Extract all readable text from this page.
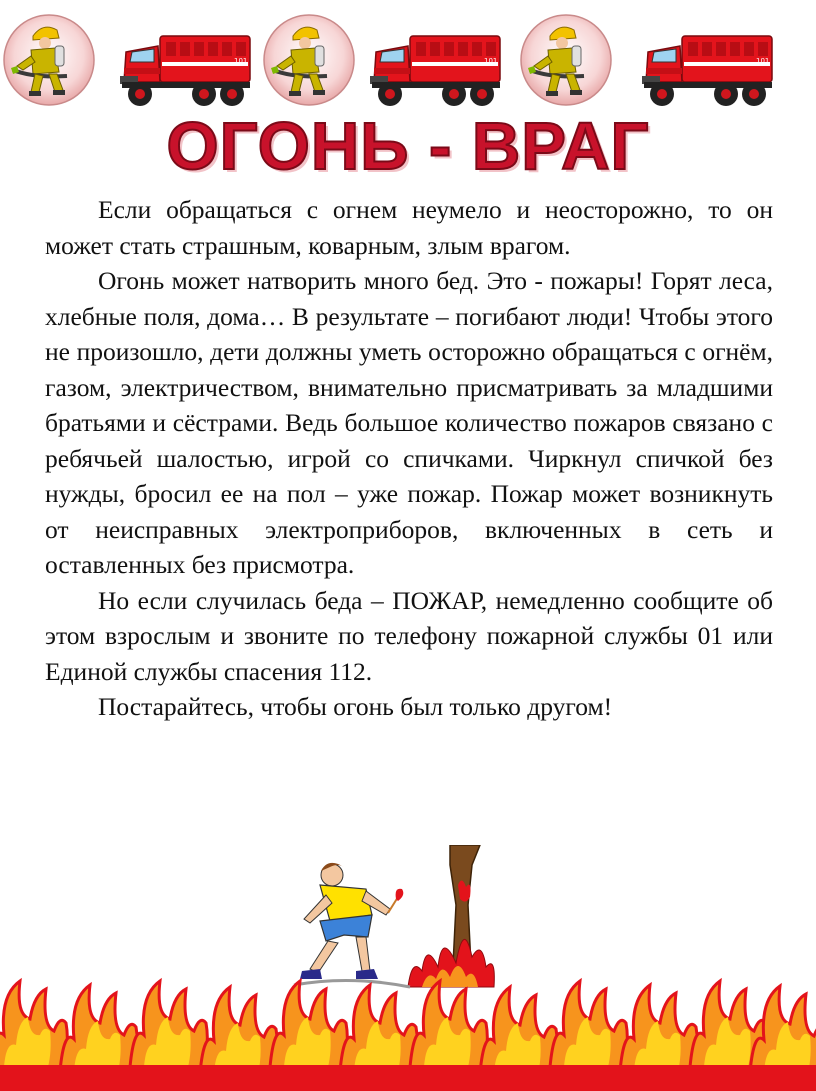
101	101	101
ОГОНЬ - ВРАГ

Если обращаться с огнем неумело и неосторожно, то он может стать страшным, коварным, злым врагом.

Огонь может натворить много бед. Это - пожары! Горят леса, хлебные поля, дома… В результате – погибают люди! Чтобы этого не произошло, дети должны уметь осторожно обращаться с огнём, газом, электричеством, внимательно присматривать за младшими братьями и сёстрами. Ведь большое количество пожаров связано с ребячьей шалостью, игрой со спичками. Чиркнул спичкой без нужды, бросил ее на пол – уже пожар. Пожар может возникнуть от неисправных электроприборов, включенных в сеть и оставленных без присмотра.

Но если случилась беда – ПОЖАР, немедленно сообщите об этом взрослым и звоните по телефону пожарной службы 01 или Единой службы спасения 112.

Постарайтесь, чтобы огонь был только другом!
